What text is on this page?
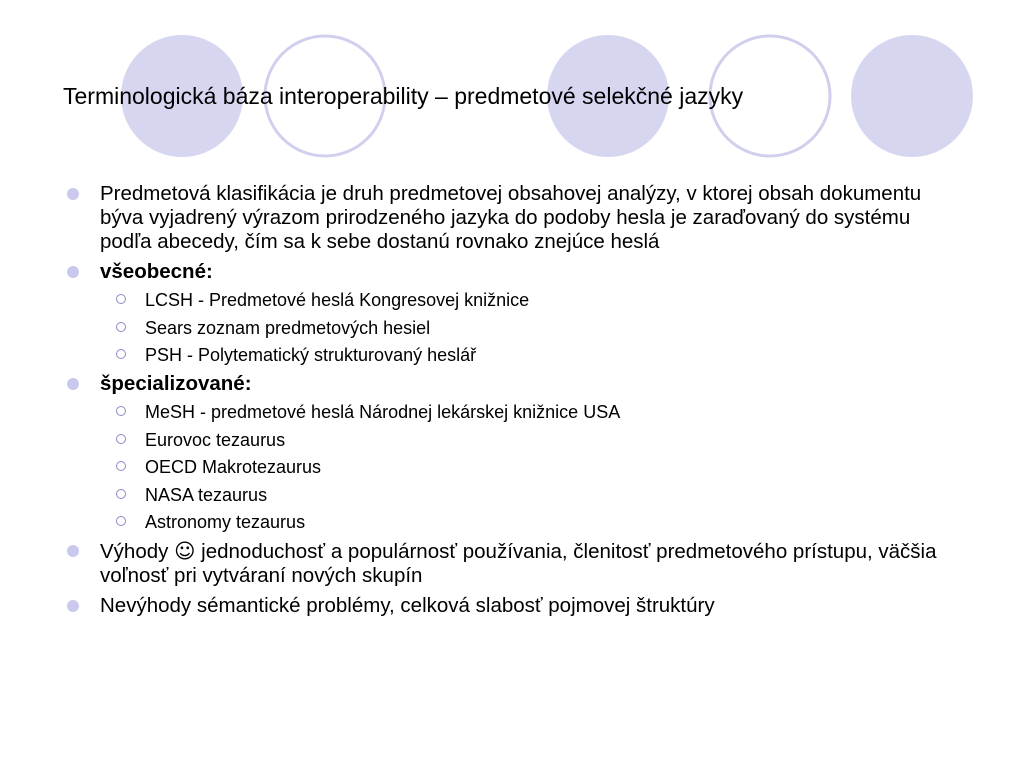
Terminologická báza interoperability – predmetové selekčné jazyky
Predmetová klasifikácia je druh predmetovej obsahovej analýzy, v ktorej obsah dokumentu býva vyjadrený výrazom prirodzeného jazyka do podoby hesla je zaraďovaný do systému podľa abecedy, čím sa k sebe dostanú rovnako znejúce heslá
všeobecné:
LCSH - Predmetové heslá Kongresovej knižnice
Sears zoznam predmetových hesiel
PSH - Polytematický strukturovaný heslář
špecializované:
MeSH - predmetové heslá Národnej lekárskej knižnice USA
Eurovoc tezaurus
OECD Makrotezaurus
NASA tezaurus
Astronomy tezaurus
Výhody ☺ jednoduchosť a populárnosť používania, členitosť predmetového prístupu, väčšia voľnosť pri vytváraní nových skupín
Nevýhody sémantické problémy, celková slabosť pojmovej štruktúry
